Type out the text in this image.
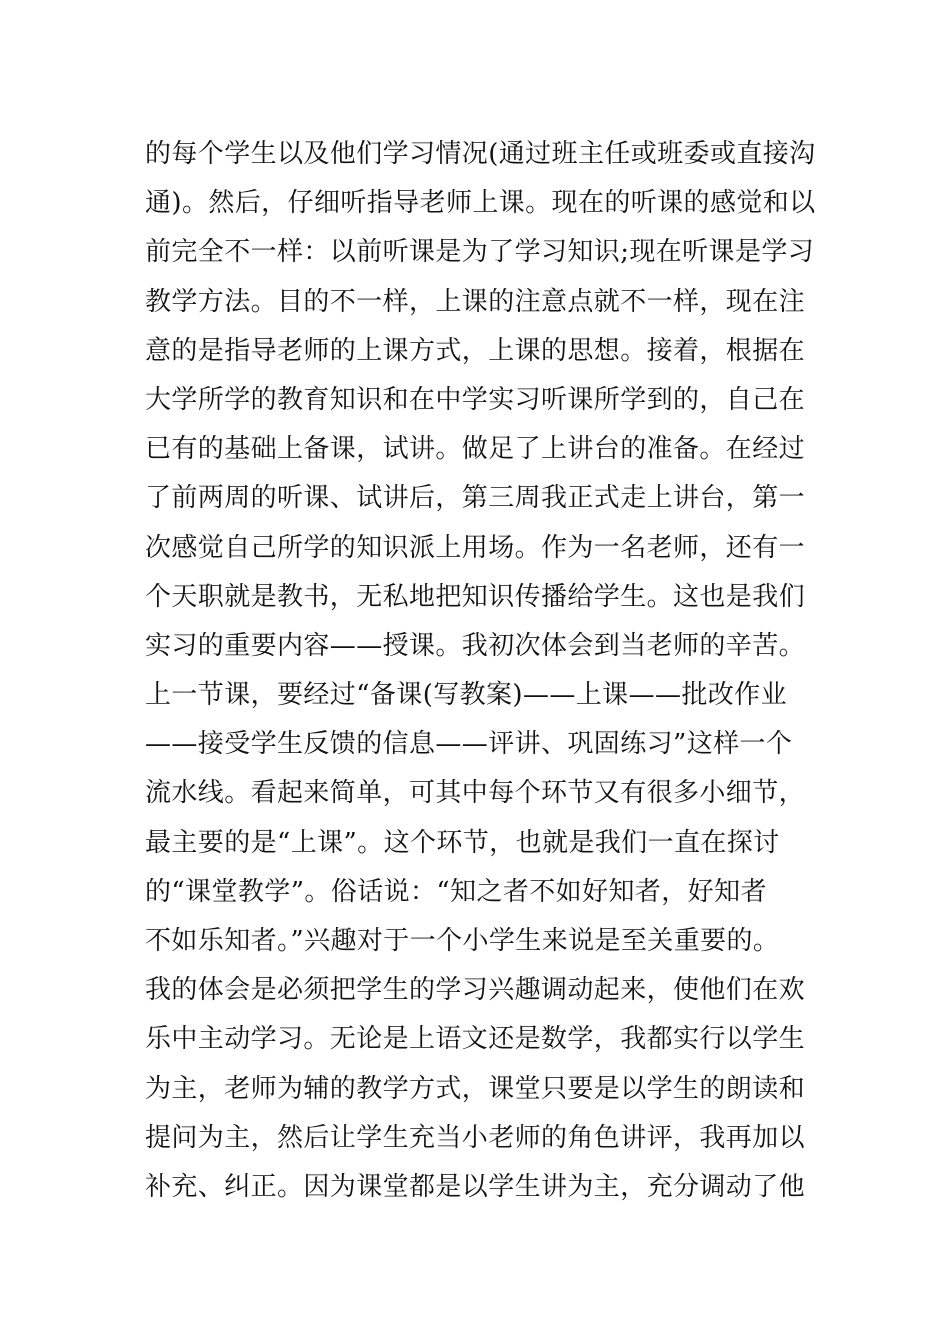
的每个学生以及他们学习情况(通过班主任或班委或直接沟
通)。然后，仔细听指导老师上课。现在的听课的感觉和以
前完全不一样：以前听课是为了学习知识;现在听课是学习
教学方法。目的不一样，上课的注意点就不一样，现在注
意的是指导老师的上课方式，上课的思想。接着，根据在
大学所学的教育知识和在中学实习听课所学到的，自己在
已有的基础上备课，试讲。做足了上讲台的准备。在经过
了前两周的听课、试讲后，第三周我正式走上讲台，第一
次感觉自己所学的知识派上用场。作为一名老师，还有一
个天职就是教书，无私地把知识传播给学生。这也是我们
实习的重要内容——授课。我初次体会到当老师的辛苦。
上一节课，要经过“备课(写教案)——上课——批改作业
——接受学生反馈的信息——评讲、巩固练习”这样一个
流水线。看起来简单，可其中每个环节又有很多小细节，
最主要的是“上课”。这个环节，也就是我们一直在探讨
的“课堂教学”。俗话说：“知之者不如好知者，好知者
不如乐知者。”兴趣对于一个小学生来说是至关重要的。
我的体会是必须把学生的学习兴趣调动起来，使他们在欢
乐中主动学习。无论是上语文还是数学，我都实行以学生
为主，老师为辅的教学方式，课堂只要是以学生的朗读和
提问为主，然后让学生充当小老师的角色讲评，我再加以
补充、纠正。因为课堂都是以学生讲为主，充分调动了他
